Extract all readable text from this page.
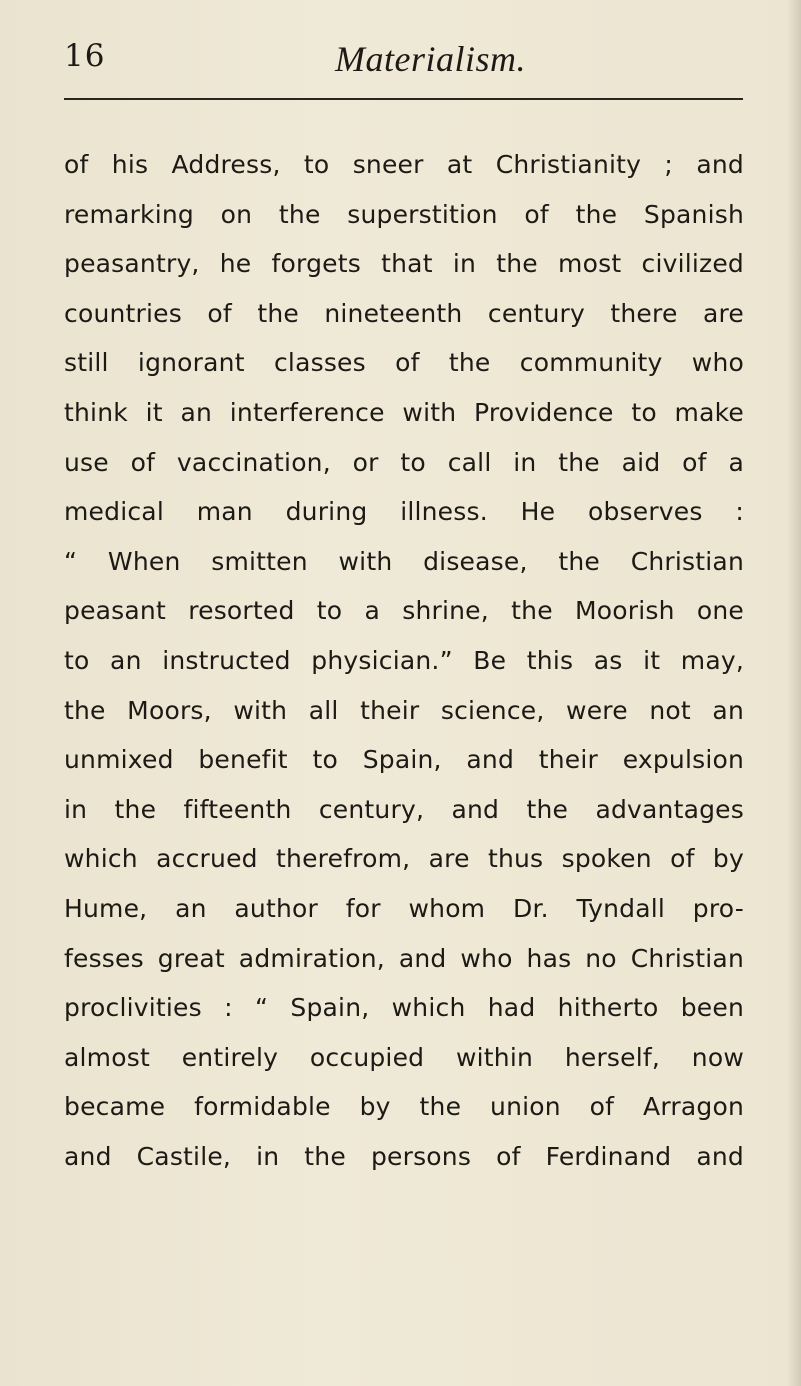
16	Materialism.
of his Address, to sneer at Christianity ; and
remarking on the superstition of the Spanish
peasantry, he forgets that in the most civilized
countries of the nineteenth century there are
still ignorant classes of the community who
think it an interference with Providence to make
use of vaccination, or to call in the aid of a
medical man during illness. He observes :
“ When smitten with disease, the Christian
peasant resorted to a shrine, the Moorish one
to an instructed physician.” Be this as it may,
the Moors, with all their science, were not an
unmixed benefit to Spain, and their expulsion
in the fifteenth century, and the advantages
which accrued therefrom, are thus spoken of by
Hume, an author for whom Dr. Tyndall pro-
fesses great admiration, and who has no Christian
proclivities : “ Spain, which had hitherto been
almost entirely occupied within herself, now
became formidable by the union of Arragon
and Castile, in the persons of Ferdinand and
